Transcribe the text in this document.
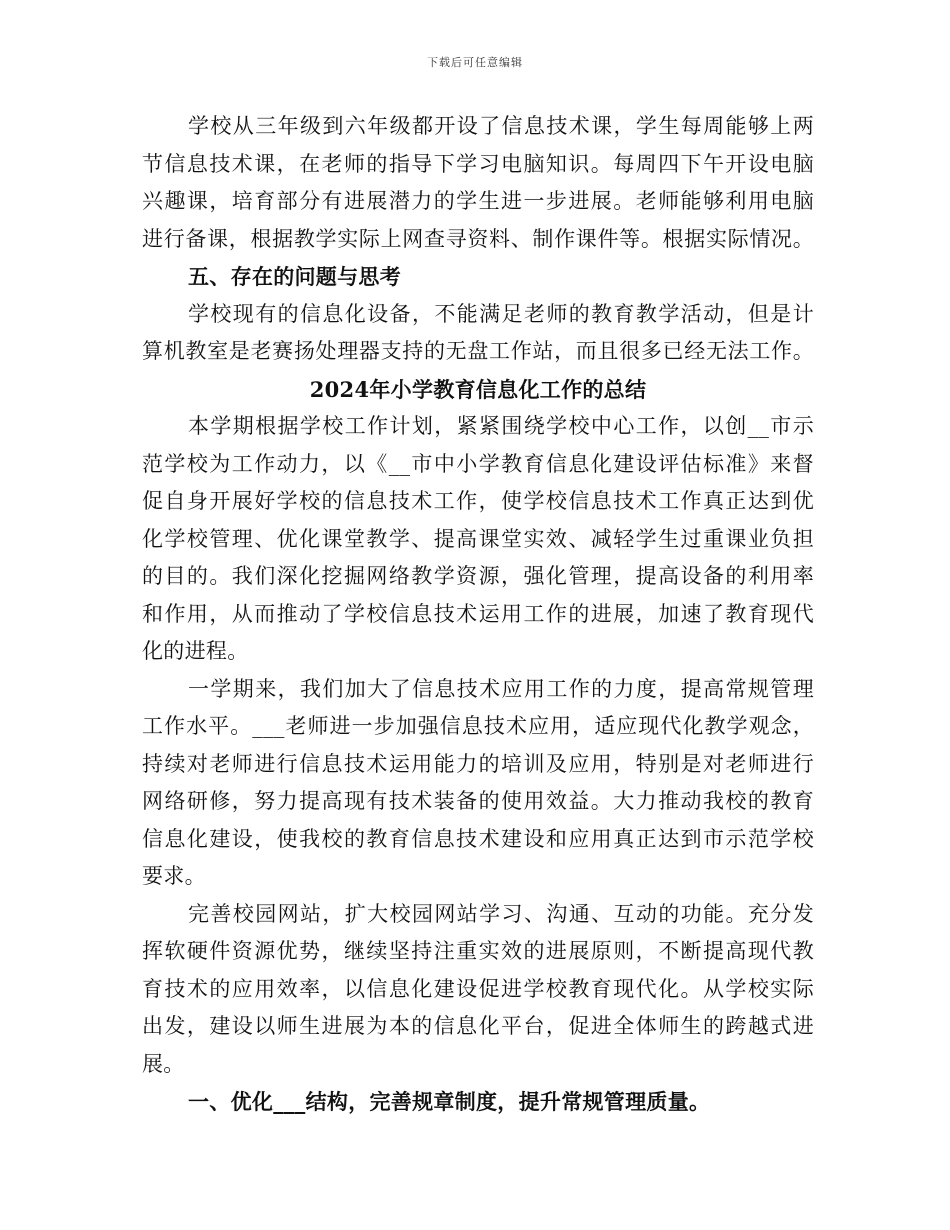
下载后可任意编辑
学校从三年级到六年级都开设了信息技术课，学生每周能够上两
节信息技术课，在老师的指导下学习电脑知识。每周四下午开设电脑
兴趣课，培育部分有进展潜力的学生进一步进展。老师能够利用电脑
进行备课，根据教学实际上网查寻资料、制作课件等。根据实际情况。
五、存在的问题与思考
学校现有的信息化设备，不能满足老师的教育教学活动，但是计
算机教室是老赛扬处理器支持的无盘工作站，而且很多已经无法工作。
2024年小学教育信息化工作的总结
本学期根据学校工作计划，紧紧围绕学校中心工作，以创__市示
范学校为工作动力，以《__市中小学教育信息化建设评估标准》来督
促自身开展好学校的信息技术工作，使学校信息技术工作真正达到优
化学校管理、优化课堂教学、提高课堂实效、减轻学生过重课业负担
的目的。我们深化挖掘网络教学资源，强化管理，提高设备的利用率
和作用，从而推动了学校信息技术运用工作的进展，加速了教育现代
化的进程。
一学期来，我们加大了信息技术应用工作的力度，提高常规管理
工作水平。___老师进一步加强信息技术应用，适应现代化教学观念，
持续对老师进行信息技术运用能力的培训及应用，特别是对老师进行
网络研修，努力提高现有技术装备的使用效益。大力推动我校的教育
信息化建设，使我校的教育信息技术建设和应用真正达到市示范学校
要求。
完善校园网站，扩大校园网站学习、沟通、互动的功能。充分发
挥软硬件资源优势，继续坚持注重实效的进展原则，不断提高现代教
育技术的应用效率，以信息化建设促进学校教育现代化。从学校实际
出发，建设以师生进展为本的信息化平台，促进全体师生的跨越式进
展。
一、优化___结构，完善规章制度，提升常规管理质量。
